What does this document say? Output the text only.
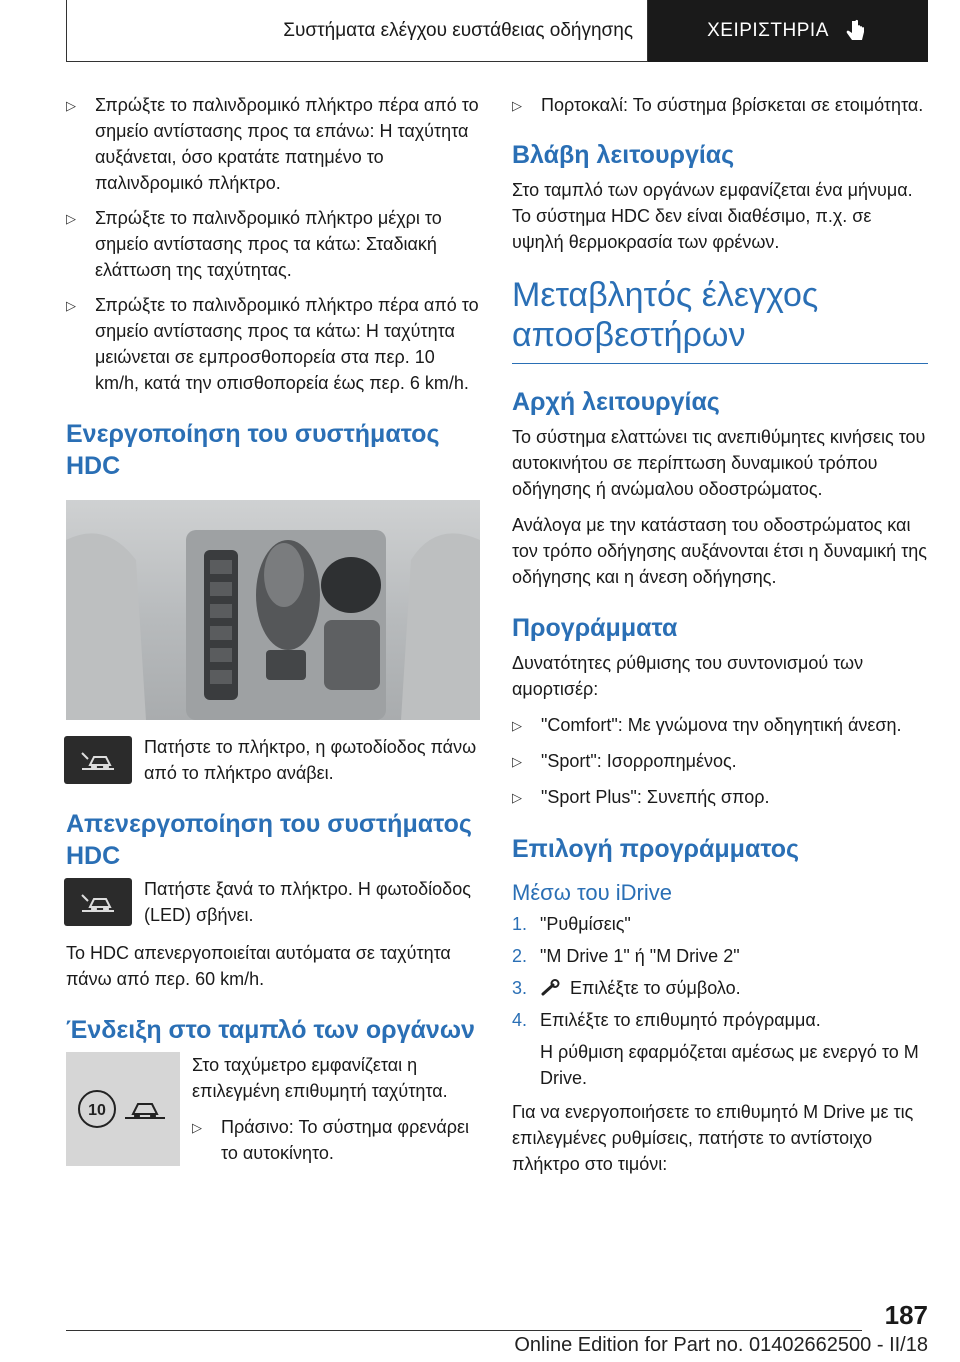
Συστήματα ελέγχου ευστάθειας οδήγησης	ΧΕΙΡΙΣΤΗΡΙΑ
▷	Σπρώξτε το παλινδρομικό πλήκτρο πέρα από το σημείο αντίστασης προς τα επάνω: Η ταχύτητα αυξάνεται, όσο κρατάτε πατημένο το παλινδρομικό πλήκτρο.
▷	Σπρώξτε το παλινδρομικό πλήκτρο μέχρι το σημείο αντίστασης προς τα κάτω: Σταδιακή ελάττωση της ταχύτητας.
▷	Σπρώξτε το παλινδρομικό πλήκτρο πέρα από το σημείο αντίστασης προς τα κάτω: Η ταχύτητα μειώνεται σε εμπροσθοπορεία στα περ. 10 km/h, κατά την οπισθοπορεία έως περ. 6 km/h.
Ενεργοποίηση του συστήματος HDC
Πατήστε το πλήκτρο, η φωτοδίοδος πάνω από το πλήκτρο ανάβει.
Απενεργοποίηση του συστήματος HDC
Πατήστε ξανά το πλήκτρο. Η φωτοδίοδος (LED) σβήνει.
Το HDC απενεργοποιείται αυτόματα σε ταχύτητα πάνω από περ. 60 km/h.
Ένδειξη στο ταμπλό των οργάνων
10
Στο ταχύμετρο εμφανίζεται η επιλεγμένη επιθυμητή ταχύτητα.
▷	Πράσινο: Το σύστημα φρενάρει το αυτοκίνητο.
▷	Πορτοκαλί: Το σύστημα βρίσκεται σε ετοιμότητα.
Βλάβη λειτουργίας
Στο ταμπλό των οργάνων εμφανίζεται ένα μήνυμα. Το σύστημα HDC δεν είναι διαθέσιμο, π.χ. σε υψηλή θερμοκρασία των φρένων.
Μεταβλητός έλεγχος αποσβεστήρων
Αρχή λειτουργίας
Το σύστημα ελαττώνει τις ανεπιθύμητες κινήσεις του αυτοκινήτου σε περίπτωση δυναμικού τρόπου οδήγησης ή ανώμαλου οδοστρώματος.
Ανάλογα με την κατάσταση του οδοστρώματος και τον τρόπο οδήγησης αυξάνονται έτσι η δυναμική της οδήγησης και η άνεση οδήγησης.
Προγράμματα
Δυνατότητες ρύθμισης του συντονισμού των αμορτισέρ:
▷	"Comfort": Με γνώμονα την οδηγητική άνεση.
▷	"Sport": Ισορροπημένος.
▷	"Sport Plus": Συνεπής σπορ.
Επιλογή προγράμματος
Μέσω του iDrive
1. "Ρυθμίσεις"
2. "M Drive 1" ή "M Drive 2"
3.	Επιλέξτε το σύμβολο.
4. Επιλέξτε το επιθυμητό πρόγραμμα.
Η ρύθμιση εφαρμόζεται αμέσως με ενεργό το M Drive.
Για να ενεργοποιήσετε το επιθυμητό M Drive με τις επιλεγμένες ρυθμίσεις, πατήστε το αντίστοιχο πλήκτρο στο τιμόνι:
187
Online Edition for Part no. 01402662500 - II/18
